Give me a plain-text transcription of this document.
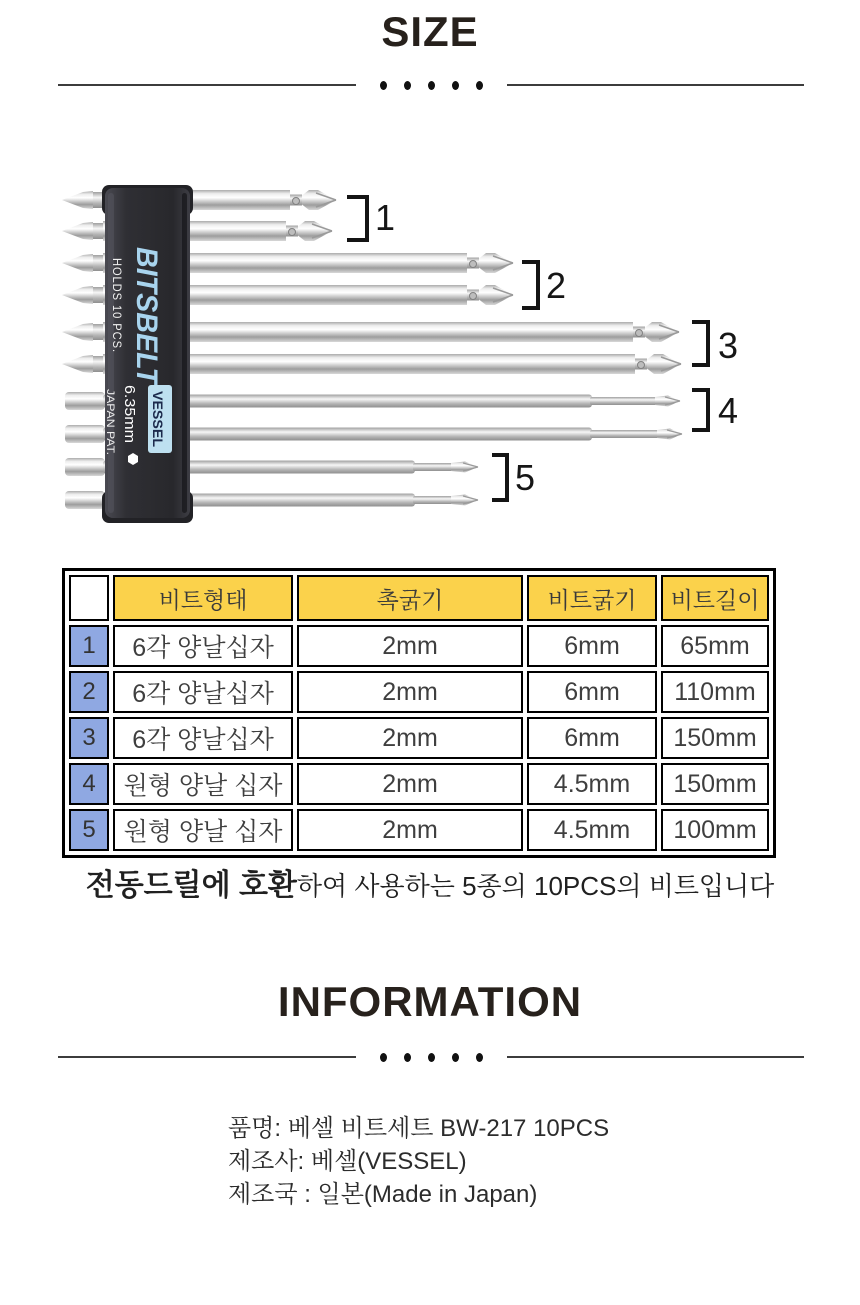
SIZE
HOLDS 10 PCS. BITSBELT
JAPAN PAT. 6.35mm VESSEL
1
2
3
4
5
	비트형태	촉굵기	비트굵기	비트길이
1	6각 양날십자	2mm	6mm	65mm
2	6각 양날십자	2mm	6mm	110mm
3	6각 양날십자	2mm	6mm	150mm
4	원형 양날 십자	2mm	4.5mm	150mm
5	원형 양날 십자	2mm	4.5mm	100mm
전동드릴에 호환하여 사용하는 5종의 10PCS의 비트입니다
INFORMATION
품명: 베셀 비트세트 BW-217 10PCS
제조사: 베셀(VESSEL)
제조국 : 일본(Made in Japan)
